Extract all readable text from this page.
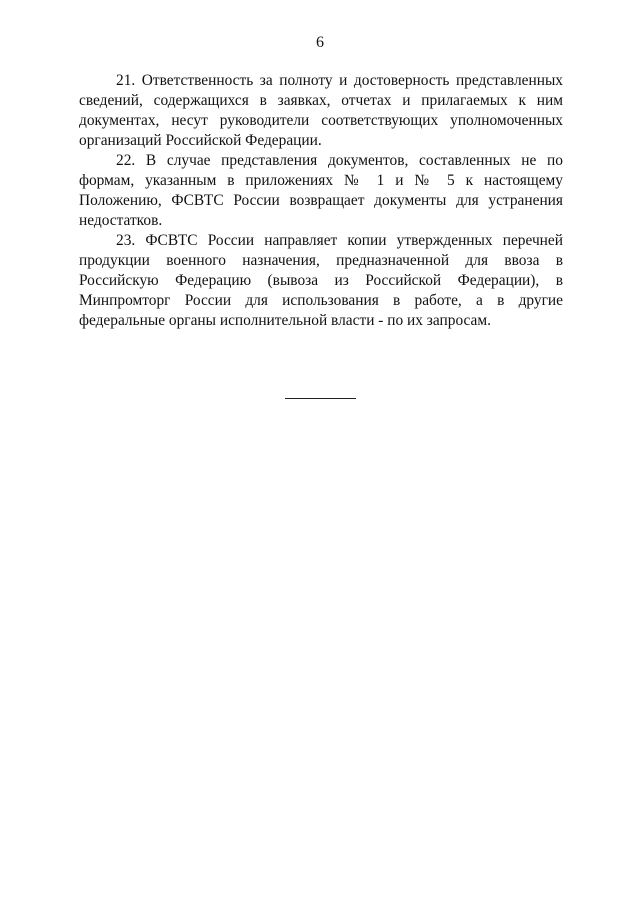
6

21. Ответственность за полноту и достоверность представленных сведений, содержащихся в заявках, отчетах и прилагаемых к ним документах, несут руководители соответствующих уполномоченных организаций Российской Федерации.

22. В случае представления документов, составленных не по формам, указанным в приложениях № 1 и № 5 к настоящему Положению, ФСВТС России возвращает документы для устранения недостатков.

23. ФСВТС России направляет копии утвержденных перечней продукции военного назначения, предназначенной для ввоза в Российскую Федерацию (вывоза из Российской Федерации), в Минпромторг России для использования в работе, а в другие федеральные органы исполнительной власти - по их запросам.
